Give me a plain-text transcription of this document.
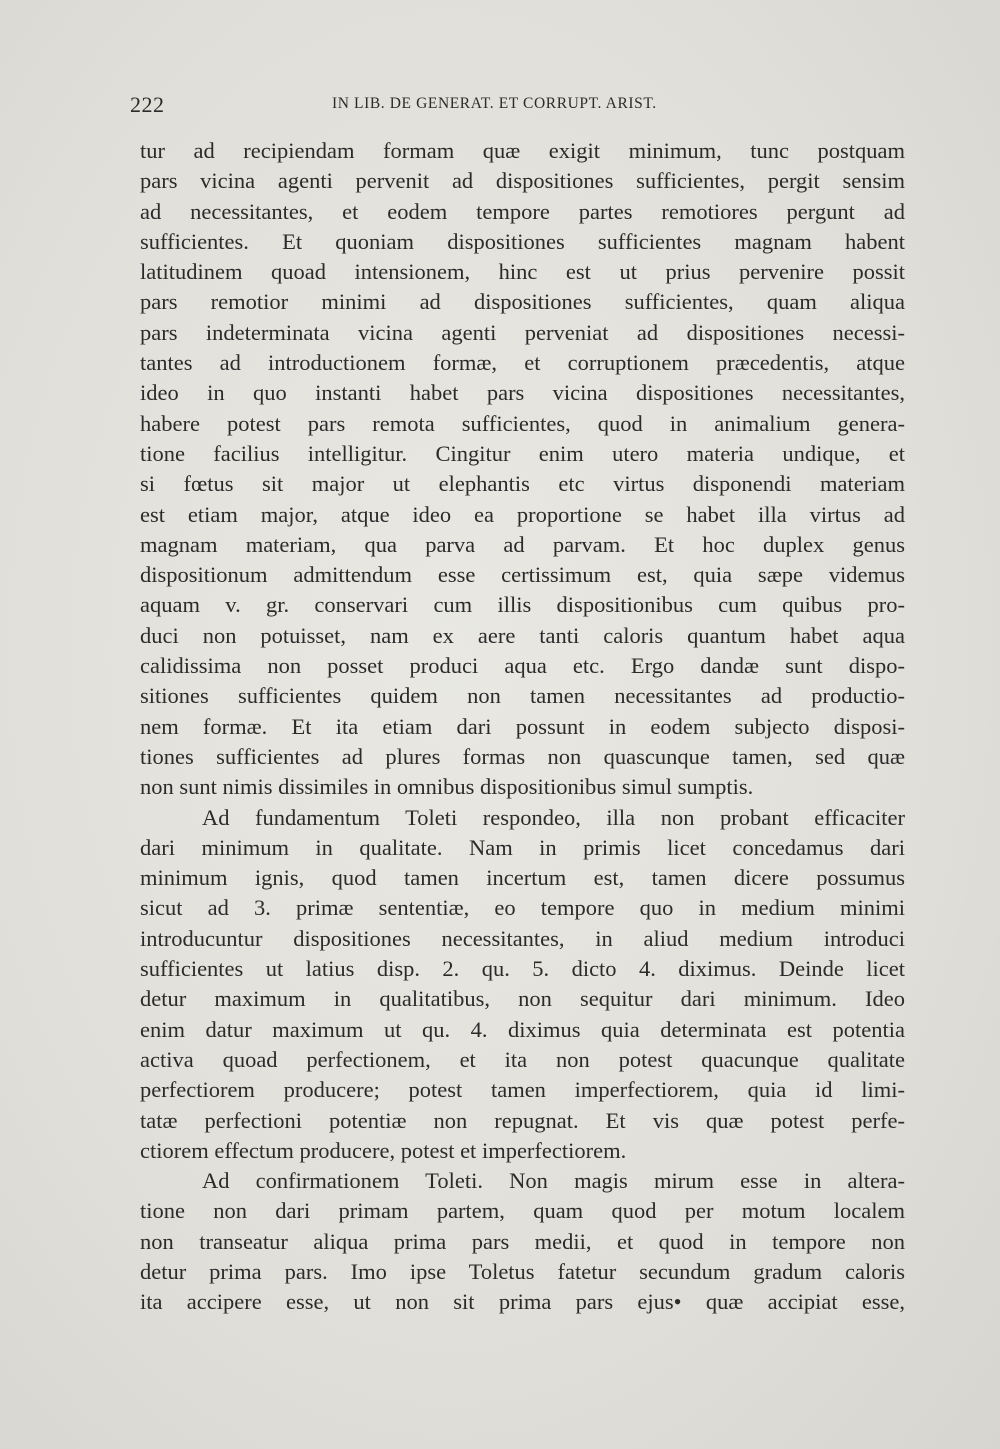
222	IN LIB. DE GENERAT. ET CORRUPT. ARIST.
tur ad recipiendam formam quæ exigit minimum, tunc postquam
pars vicina agenti pervenit ad dispositiones sufficientes, pergit sensim
ad necessitantes, et eodem tempore partes remotiores pergunt ad
sufficientes. Et quoniam dispositiones sufficientes magnam habent
latitudinem quoad intensionem, hinc est ut prius pervenire possit
pars remotior minimi ad dispositiones sufficientes, quam aliqua
pars indeterminata vicina agenti perveniat ad dispositiones necessi-
tantes ad introductionem formæ, et corruptionem præcedentis, atque
ideo in quo instanti habet pars vicina dispositiones necessitantes,
habere potest pars remota sufficientes, quod in animalium genera-
tione facilius intelligitur. Cingitur enim utero materia undique, et
si fœtus sit major ut elephantis etc virtus disponendi materiam
est etiam major, atque ideo ea proportione se habet illa virtus ad
magnam materiam, qua parva ad parvam. Et hoc duplex genus
dispositionum admittendum esse certissimum est, quia sæpe videmus
aquam v. gr. conservari cum illis dispositionibus cum quibus pro-
duci non potuisset, nam ex aere tanti caloris quantum habet aqua
calidissima non posset produci aqua etc. Ergo dandæ sunt dispo-
sitiones sufficientes quidem non tamen necessitantes ad productio-
nem formæ. Et ita etiam dari possunt in eodem subjecto disposi-
tiones sufficientes ad plures formas non quascunque tamen, sed quæ
non sunt nimis dissimiles in omnibus dispositionibus simul sumptis.
Ad fundamentum Toleti respondeo, illa non probant efficaciter
dari minimum in qualitate. Nam in primis licet concedamus dari
minimum ignis, quod tamen incertum est, tamen dicere possumus
sicut ad 3. primæ sententiæ, eo tempore quo in medium minimi
introducuntur dispositiones necessitantes, in aliud medium introduci
sufficientes ut latius disp. 2. qu. 5. dicto 4. diximus. Deinde licet
detur maximum in qualitatibus, non sequitur dari minimum. Ideo
enim datur maximum ut qu. 4. diximus quia determinata est potentia
activa quoad perfectionem, et ita non potest quacunque qualitate
perfectiorem producere; potest tamen imperfectiorem, quia id limi-
tatæ perfectioni potentiæ non repugnat. Et vis quæ potest perfe-
ctiorem effectum producere, potest et imperfectiorem.
Ad confirmationem Toleti. Non magis mirum esse in altera-
tione non dari primam partem, quam quod per motum localem
non transeatur aliqua prima pars medii, et quod in tempore non
detur prima pars. Imo ipse Toletus fatetur secundum gradum caloris
ita accipere esse, ut non sit prima pars ejus• quæ accipiat esse,
